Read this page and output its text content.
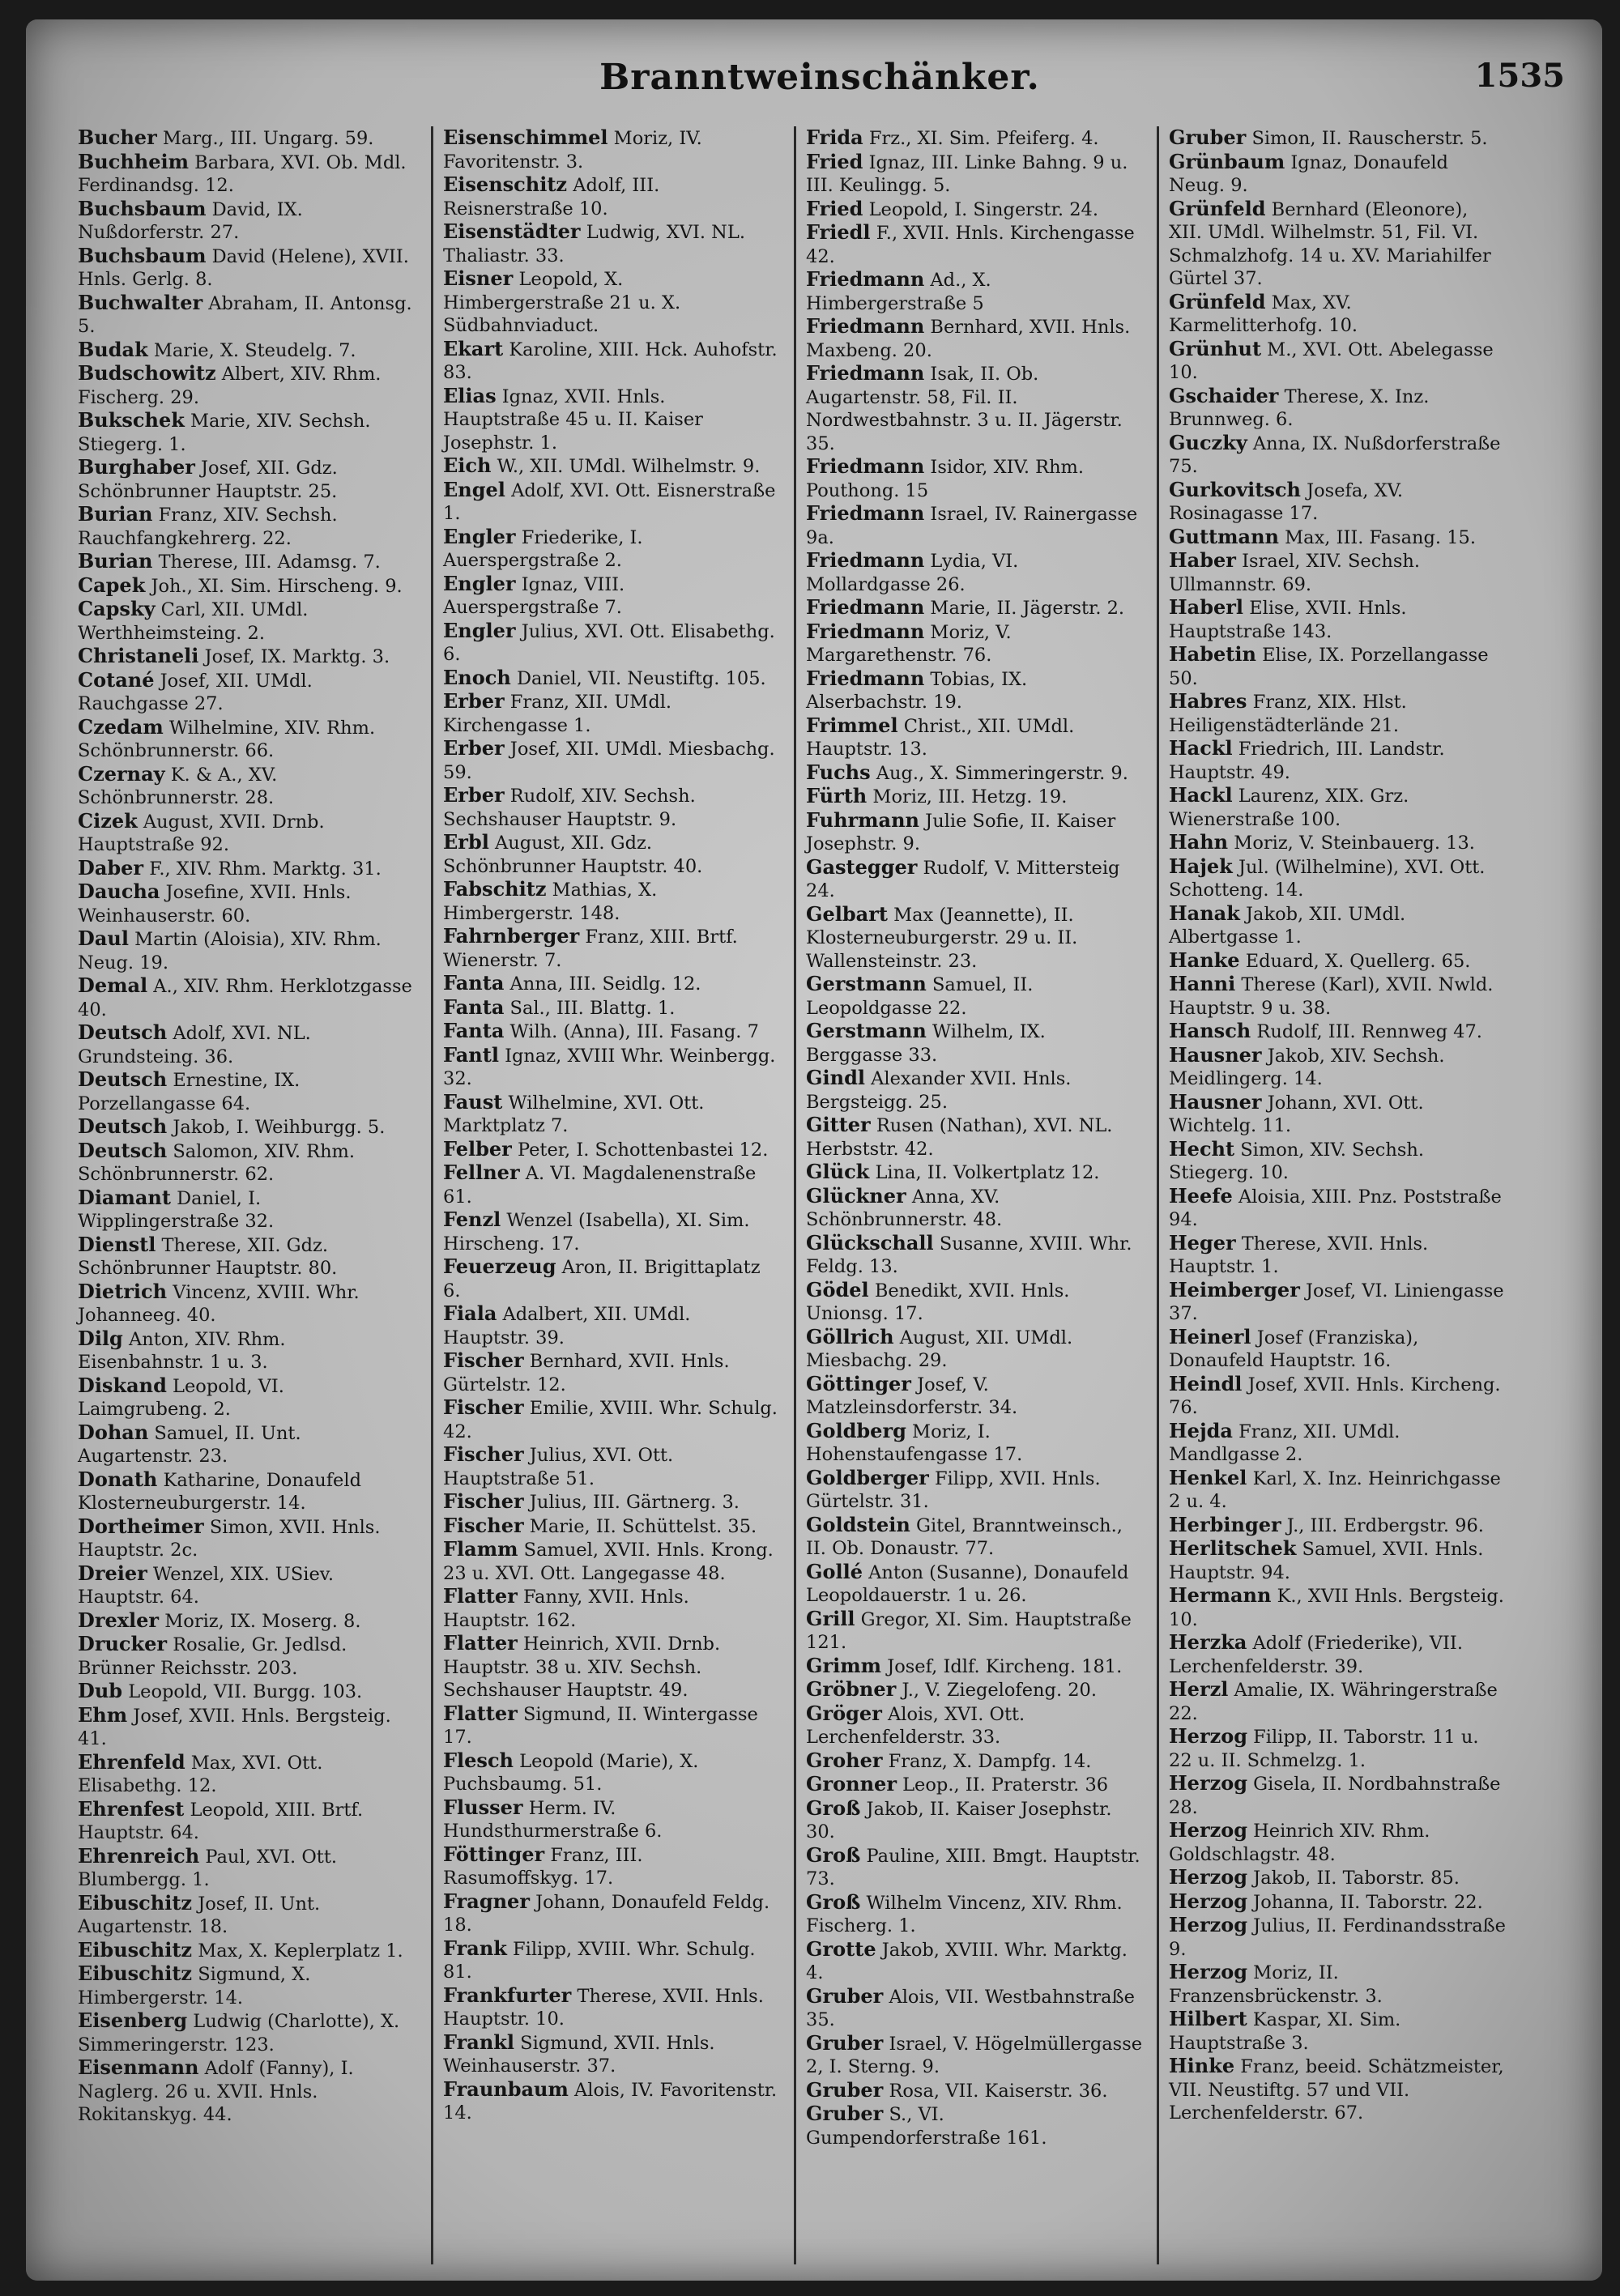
Branntweinschänker.	1535
Bucher Marg., III. Ungarg. 59.
Buchheim Barbara, XVI. Ob. Mdl. Ferdinandsg. 12.
Buchsbaum David, IX. Nußdorferstr. 27.
Buchsbaum David (Helene), XVII. Hnls. Gerlg. 8.
Buchwalter Abraham, II. Antonsg. 5.
Budak Marie, X. Steudelg. 7.
Budschowitz Albert, XIV. Rhm. Fischerg. 29.
Bukschek Marie, XIV. Sechsh. Stiegerg. 1.
Burghaber Josef, XII. Gdz. Schönbrunner Hauptstr. 25.
Burian Franz, XIV. Sechsh. Rauchfangkehrerg. 22.
Burian Therese, III. Adamsg. 7.
Capek Joh., XI. Sim. Hirscheng. 9.
Capsky Carl, XII. UMdl. Werthheimsteing. 2.
Christaneli Josef, IX. Marktg. 3.
Cotané Josef, XII. UMdl. Rauchgasse 27.
Czedam Wilhelmine, XIV. Rhm. Schönbrunnerstr. 66.
Czernay K. & A., XV. Schönbrunnerstr. 28.
Cizek August, XVII. Drnb. Hauptstraße 92.
Daber F., XIV. Rhm. Marktg. 31.
Daucha Josefine, XVII. Hnls. Weinhauserstr. 60.
Daul Martin (Aloisia), XIV. Rhm. Neug. 19.
Demal A., XIV. Rhm. Herklotzgasse 40.
Deutsch Adolf, XVI. NL. Grundsteing. 36.
Deutsch Ernestine, IX. Porzellangasse 64.
Deutsch Jakob, I. Weihburgg. 5.
Deutsch Salomon, XIV. Rhm. Schönbrunnerstr. 62.
Diamant Daniel, I. Wipplingerstraße 32.
Dienstl Therese, XII. Gdz. Schönbrunner Hauptstr. 80.
Dietrich Vincenz, XVIII. Whr. Johanneeg. 40.
Dilg Anton, XIV. Rhm. Eisenbahnstr. 1 u. 3.
Diskand Leopold, VI. Laimgrubeng. 2.
Dohan Samuel, II. Unt. Augartenstr. 23.
Donath Katharine, Donaufeld Klosterneuburgerstr. 14.
Dortheimer Simon, XVII. Hnls. Hauptstr. 2c.
Dreier Wenzel, XIX. USiev. Hauptstr. 64.
Drexler Moriz, IX. Moserg. 8.
Drucker Rosalie, Gr. Jedlsd. Brünner Reichsstr. 203.
Dub Leopold, VII. Burgg. 103.
Ehm Josef, XVII. Hnls. Bergsteig. 41.
Ehrenfeld Max, XVI. Ott. Elisabethg. 12.
Ehrenfest Leopold, XIII. Brtf. Hauptstr. 64.
Ehrenreich Paul, XVI. Ott. Blumbergg. 1.
Eibuschitz Josef, II. Unt. Augartenstr. 18.
Eibuschitz Max, X. Keplerplatz 1.
Eibuschitz Sigmund, X. Himbergerstr. 14.
Eisenberg Ludwig (Charlotte), X. Simmeringerstr. 123.
Eisenmann Adolf (Fanny), I. Naglerg. 26 u. XVII. Hnls. Rokitanskyg. 44.
Eisenschimmel Moriz, IV. Favoritenstr. 3.
Eisenschitz Adolf, III. Reisnerstraße 10.
Eisenstädter Ludwig, XVI. NL. Thaliastr. 33.
Eisner Leopold, X. Himbergerstraße 21 u. X. Südbahnviaduct.
Ekart Karoline, XIII. Hck. Auhofstr. 83.
Elias Ignaz, XVII. Hnls. Hauptstraße 45 u. II. Kaiser Josephstr. 1.
Eich W., XII. UMdl. Wilhelmstr. 9.
Engel Adolf, XVI. Ott. Eisnerstraße 1.
Engler Friederike, I. Auerspergstraße 2.
Engler Ignaz, VIII. Auerspergstraße 7.
Engler Julius, XVI. Ott. Elisabethg. 6.
Enoch Daniel, VII. Neustiftg. 105.
Erber Franz, XII. UMdl. Kirchengasse 1.
Erber Josef, XII. UMdl. Miesbachg. 59.
Erber Rudolf, XIV. Sechsh. Sechshauser Hauptstr. 9.
Erbl August, XII. Gdz. Schönbrunner Hauptstr. 40.
Fabschitz Mathias, X. Himbergerstr. 148.
Fahrnberger Franz, XIII. Brtf. Wienerstr. 7.
Fanta Anna, III. Seidlg. 12.
Fanta Sal., III. Blattg. 1.
Fanta Wilh. (Anna), III. Fasang. 7
Fantl Ignaz, XVIII Whr. Weinbergg. 32.
Faust Wilhelmine, XVI. Ott. Marktplatz 7.
Felber Peter, I. Schottenbastei 12.
Fellner A. VI. Magdalenenstraße 61.
Fenzl Wenzel (Isabella), XI. Sim. Hirscheng. 17.
Feuerzeug Aron, II. Brigittaplatz 6.
Fiala Adalbert, XII. UMdl. Hauptstr. 39.
Fischer Bernhard, XVII. Hnls. Gürtelstr. 12.
Fischer Emilie, XVIII. Whr. Schulg. 42.
Fischer Julius, XVI. Ott. Hauptstraße 51.
Fischer Julius, III. Gärtnerg. 3.
Fischer Marie, II. Schüttelst. 35.
Flamm Samuel, XVII. Hnls. Krong. 23 u. XVI. Ott. Langegasse 48.
Flatter Fanny, XVII. Hnls. Hauptstr. 162.
Flatter Heinrich, XVII. Drnb. Hauptstr. 38 u. XIV. Sechsh. Sechshauser Hauptstr. 49.
Flatter Sigmund, II. Wintergasse 17.
Flesch Leopold (Marie), X. Puchsbaumg. 51.
Flusser Herm. IV. Hundsthurmerstraße 6.
Föttinger Franz, III. Rasumoffskyg. 17.
Fragner Johann, Donaufeld Feldg. 18.
Frank Filipp, XVIII. Whr. Schulg. 81.
Frankfurter Therese, XVII. Hnls. Hauptstr. 10.
Frankl Sigmund, XVII. Hnls. Weinhauserstr. 37.
Fraunbaum Alois, IV. Favoritenstr. 14.
Frida Frz., XI. Sim. Pfeiferg. 4.
Fried Ignaz, III. Linke Bahng. 9 u. III. Keulingg. 5.
Fried Leopold, I. Singerstr. 24.
Friedl F., XVII. Hnls. Kirchengasse 42.
Friedmann Ad., X. Himbergerstraße 5
Friedmann Bernhard, XVII. Hnls. Maxbeng. 20.
Friedmann Isak, II. Ob. Augartenstr. 58, Fil. II. Nordwestbahnstr. 3 u. II. Jägerstr. 35.
Friedmann Isidor, XIV. Rhm. Pouthong. 15
Friedmann Israel, IV. Rainergasse 9a.
Friedmann Lydia, VI. Mollardgasse 26.
Friedmann Marie, II. Jägerstr. 2.
Friedmann Moriz, V. Margarethenstr. 76.
Friedmann Tobias, IX. Alserbachstr. 19.
Frimmel Christ., XII. UMdl. Hauptstr. 13.
Fuchs Aug., X. Simmeringerstr. 9.
Fürth Moriz, III. Hetzg. 19.
Fuhrmann Julie Sofie, II. Kaiser Josephstr. 9.
Gastegger Rudolf, V. Mittersteig 24.
Gelbart Max (Jeannette), II. Klosterneuburgerstr. 29 u. II. Wallensteinstr. 23.
Gerstmann Samuel, II. Leopoldgasse 22.
Gerstmann Wilhelm, IX. Berggasse 33.
Gindl Alexander XVII. Hnls. Bergsteigg. 25.
Gitter Rusen (Nathan), XVI. NL. Herbststr. 42.
Glück Lina, II. Volkertplatz 12.
Glückner Anna, XV. Schönbrunnerstr. 48.
Glückschall Susanne, XVIII. Whr. Feldg. 13.
Gödel Benedikt, XVII. Hnls. Unionsg. 17.
Göllrich August, XII. UMdl. Miesbachg. 29.
Göttinger Josef, V. Matzleinsdorferstr. 34.
Goldberg Moriz, I. Hohenstaufengasse 17.
Goldberger Filipp, XVII. Hnls. Gürtelstr. 31.
Goldstein Gitel, Branntweinsch., II. Ob. Donaustr. 77.
Gollé Anton (Susanne), Donaufeld Leopoldauerstr. 1 u. 26.
Grill Gregor, XI. Sim. Hauptstraße 121.
Grimm Josef, Idlf. Kircheng. 181.
Gröbner J., V. Ziegelofeng. 20.
Gröger Alois, XVI. Ott. Lerchenfelderstr. 33.
Groher Franz, X. Dampfg. 14.
Gronner Leop., II. Praterstr. 36
Groß Jakob, II. Kaiser Josephstr. 30.
Groß Pauline, XIII. Bmgt. Hauptstr. 73.
Groß Wilhelm Vincenz, XIV. Rhm. Fischerg. 1.
Grotte Jakob, XVIII. Whr. Marktg. 4.
Gruber Alois, VII. Westbahnstraße 35.
Gruber Israel, V. Högelmüllergasse 2, I. Sterng. 9.
Gruber Rosa, VII. Kaiserstr. 36.
Gruber S., VI. Gumpendorferstraße 161.
Gruber Simon, II. Rauscherstr. 5.
Grünbaum Ignaz, Donaufeld Neug. 9.
Grünfeld Bernhard (Eleonore), XII. UMdl. Wilhelmstr. 51, Fil. VI. Schmalzhofg. 14 u. XV. Mariahilfer Gürtel 37.
Grünfeld Max, XV. Karmelitterhofg. 10.
Grünhut M., XVI. Ott. Abelegasse 10.
Gschaider Therese, X. Inz. Brunnweg. 6.
Guczky Anna, IX. Nußdorferstraße 75.
Gurkovitsch Josefa, XV. Rosinagasse 17.
Guttmann Max, III. Fasang. 15.
Haber Israel, XIV. Sechsh. Ullmannstr. 69.
Haberl Elise, XVII. Hnls. Hauptstraße 143.
Habetin Elise, IX. Porzellangasse 50.
Habres Franz, XIX. Hlst. Heiligenstädterlände 21.
Hackl Friedrich, III. Landstr. Hauptstr. 49.
Hackl Laurenz, XIX. Grz. Wienerstraße 100.
Hahn Moriz, V. Steinbauerg. 13.
Hajek Jul. (Wilhelmine), XVI. Ott. Schotteng. 14.
Hanak Jakob, XII. UMdl. Albertgasse 1.
Hanke Eduard, X. Quellerg. 65.
Hanni Therese (Karl), XVII. Nwld. Hauptstr. 9 u. 38.
Hansch Rudolf, III. Rennweg 47.
Hausner Jakob, XIV. Sechsh. Meidlingerg. 14.
Hausner Johann, XVI. Ott. Wichtelg. 11.
Hecht Simon, XIV. Sechsh. Stiegerg. 10.
Heefe Aloisia, XIII. Pnz. Poststraße 94.
Heger Therese, XVII. Hnls. Hauptstr. 1.
Heimberger Josef, VI. Liniengasse 37.
Heinerl Josef (Franziska), Donaufeld Hauptstr. 16.
Heindl Josef, XVII. Hnls. Kircheng. 76.
Hejda Franz, XII. UMdl. Mandlgasse 2.
Henkel Karl, X. Inz. Heinrichgasse 2 u. 4.
Herbinger J., III. Erdbergstr. 96.
Herlitschek Samuel, XVII. Hnls. Hauptstr. 94.
Hermann K., XVII Hnls. Bergsteig. 10.
Herzka Adolf (Friederike), VII. Lerchenfelderstr. 39.
Herzl Amalie, IX. Währingerstraße 22.
Herzog Filipp, II. Taborstr. 11 u. 22 u. II. Schmelzg. 1.
Herzog Gisela, II. Nordbahnstraße 28.
Herzog Heinrich XIV. Rhm. Goldschlagstr. 48.
Herzog Jakob, II. Taborstr. 85.
Herzog Johanna, II. Taborstr. 22.
Herzog Julius, II. Ferdinandsstraße 9.
Herzog Moriz, II. Franzensbrückenstr. 3.
Hilbert Kaspar, XI. Sim. Hauptstraße 3.
Hinke Franz, beeid. Schätzmeister, VII. Neustiftg. 57 und VII. Lerchenfelderstr. 67.
